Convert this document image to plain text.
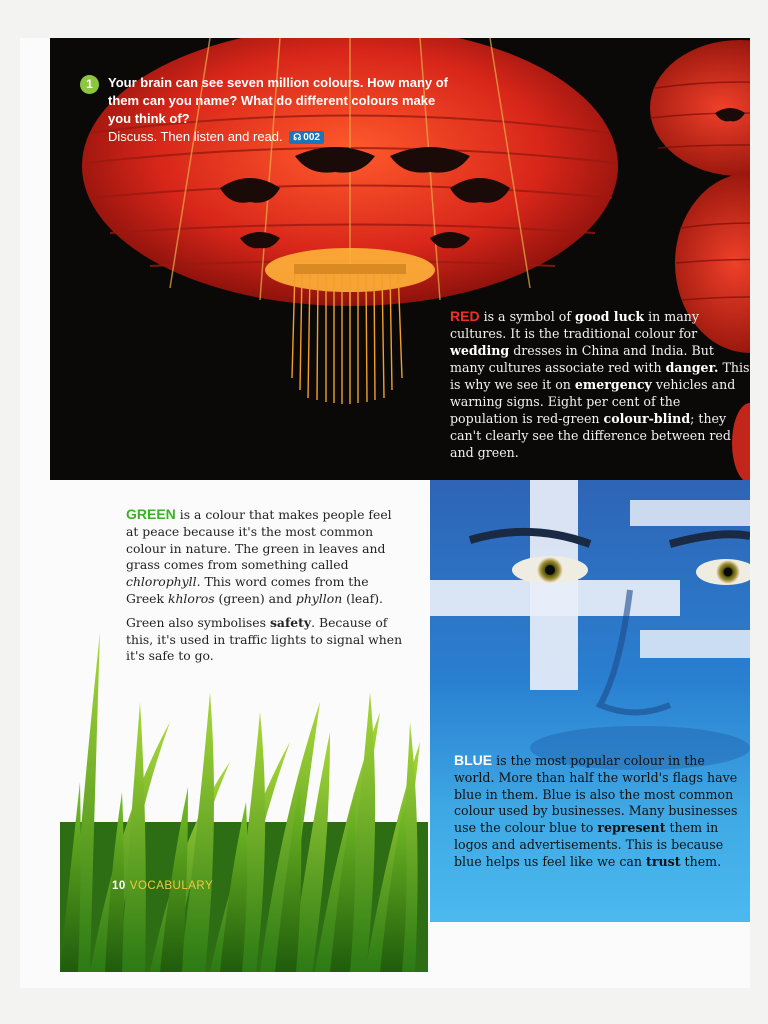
1	Your brain can see seven million colours. How many of them can you name? What do different colours make you think of?
Discuss. Then listen and read. ☊ 002
RED is a symbol of good luck in many cultures. It is the traditional colour for wedding dresses in China and India. But many cultures associate red with danger. This is why we see it on emergency vehicles and warning signs. Eight per cent of the population is red-green colour-blind; they can't clearly see the difference between red and green.

GREEN is a colour that makes people feel at peace because it's the most common colour in nature. The green in leaves and grass comes from something called chlorophyll. This word comes from the Greek khloros (green) and phyllon (leaf).

Green also symbolises safety. Because of this, it's used in traffic lights to signal when it's safe to go.

10 VOCABULARY
BLUE is the most popular colour in the world. More than half the world's flags have blue in them. Blue is also the most common colour used by businesses. Many businesses use the colour blue to represent them in logos and advertisements. This is because blue helps us feel like we can trust them.
